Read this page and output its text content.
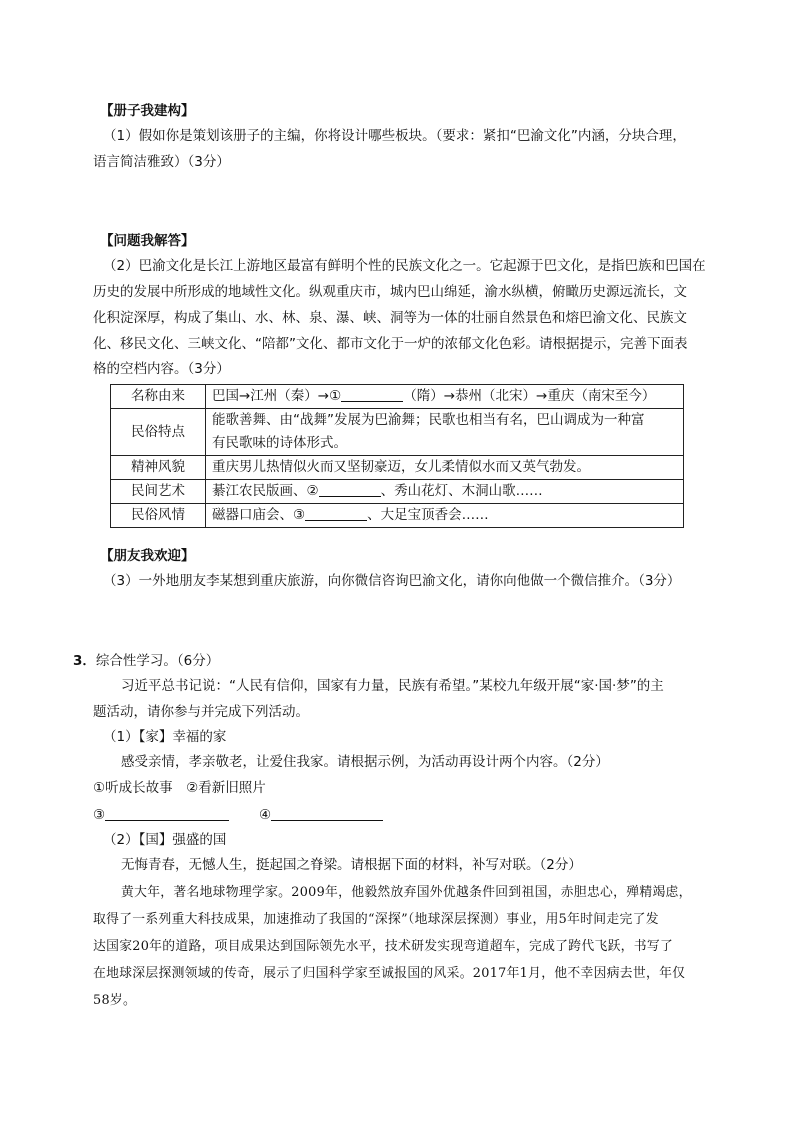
【册子我建构】
（1）假如你是策划该册子的主编，你将设计哪些板块。（要求：紧扣“巴渝文化”内涵，分块合理，
语言简洁雅致）（3分）
【问题我解答】
（2）巴渝文化是长江上游地区最富有鲜明个性的民族文化之一。它起源于巴文化，是指巴族和巴国在
历史的发展中所形成的地域性文化。纵观重庆市，城内巴山绵延，渝水纵横，俯瞰历史源远流长，文
化积淀深厚，构成了集山、水、林、泉、瀑、峡、洞等为一体的壮丽自然景色和熔巴渝文化、民族文
化、移民文化、三峡文化、“陪都”文化、都市文化于一炉的浓郁文化色彩。请根据提示，完善下面表
格的空档内容。（3分）
名称由来	巴国→江州（秦）→① （隋）→恭州（北宋）→重庆（南宋至今）
民俗特点	能歌善舞、由“战舞”发展为巴渝舞；民歌也相当有名，巴山调成为一种富
有民歌味的诗体形式。

精神风貌	重庆男儿热情似火而又坚韧豪迈，女儿柔情似水而又英气勃发。
民间艺术	綦江农民版画、② 、秀山花灯、木洞山歌……
民俗风情	磁器口庙会、③ 、大足宝顶香会……
【朋友我欢迎】
（3）一外地朋友李某想到重庆旅游，向你微信咨询巴渝文化，请你向他做一个微信推介。（3分）
3．综合性学习。（6分）
习近平总书记说：“人民有信仰，国家有力量，民族有希望。”某校九年级开展“家·国·梦”的主
题活动，请你参与并完成下列活动。
（1）【家】幸福的家
感受亲情，孝亲敬老，让爱住我家。请根据示例，为活动再设计两个内容。（2分）
①听成长故事　②看新旧照片
③	④
（2）【国】强盛的国
无悔青春，无憾人生，挺起国之脊梁。请根据下面的材料，补写对联。（2分）
黄大年，著名地球物理学家。2009年，他毅然放弃国外优越条件回到祖国，赤胆忠心，殚精竭虑，
取得了一系列重大科技成果，加速推动了我国的“深探”（地球深层探测）事业，用5年时间走完了发
达国家20年的道路，项目成果达到国际领先水平，技术研发实现弯道超车，完成了跨代飞跃，书写了
在地球深层探测领域的传奇，展示了归国科学家至诚报国的风采。2017年1月，他不幸因病去世，年仅
58岁。
